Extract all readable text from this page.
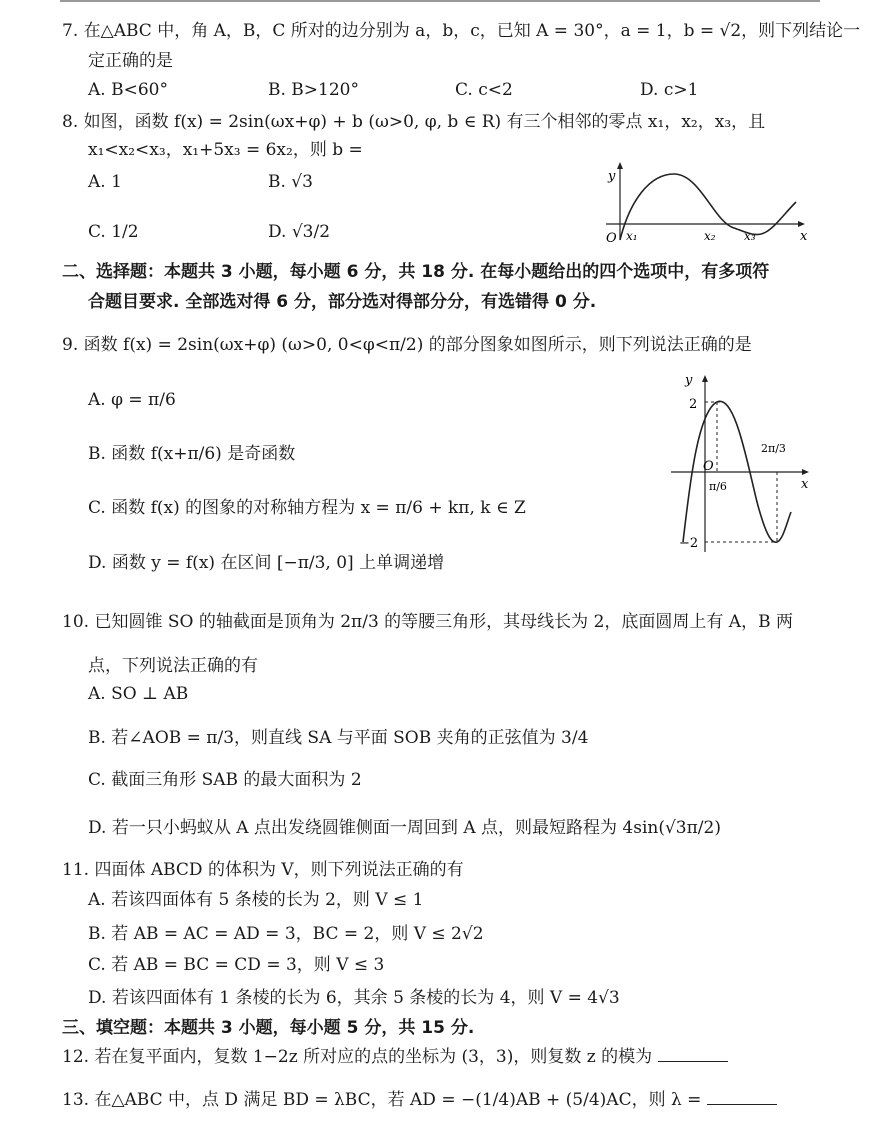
7. 在△ABC 中，角 A，B，C 所对的边分别为 a，b，c，已知 A = 30°，a = 1，b = √2，则下列结论一
定正确的是
A. B<60°	B. B>120°	C. c<2	D. c>1
8. 如图，函数 f(x) = 2sin(ωx+φ) + b (ω>0, φ, b ∈ R) 有三个相邻的零点 x₁，x₂，x₃，且
x₁<x₂<x₃，x₁+5x₃ = 6x₂，则 b =
A. 1	B. √3
C. 1/2	D. √3/2
y
x
O x₁	x₂ x₃
二、选择题：本题共 3 小题，每小题 6 分，共 18 分. 在每小题给出的四个选项中，有多项符
合题目要求. 全部选对得 6 分，部分选对得部分分，有选错得 0 分.
9. 函数 f(x) = 2sin(ωx+φ) (ω>0, 0<φ<π/2) 的部分图象如图所示，则下列说法正确的是
A. φ = π/6
B. 函数 f(x+π/6) 是奇函数
C. 函数 f(x) 的图象的对称轴方程为 x = π/6 + kπ, k ∈ Z
D. 函数 y = f(x) 在区间 [−π/3, 0] 上单调递增
y
x
O
2
−2
π/6
2π/3
10. 已知圆锥 SO 的轴截面是顶角为 2π/3 的等腰三角形，其母线长为 2，底面圆周上有 A，B 两
点，下列说法正确的有
A. SO ⊥ AB
B. 若∠AOB = π/3，则直线 SA 与平面 SOB 夹角的正弦值为 3/4
C. 截面三角形 SAB 的最大面积为 2
D. 若一只小蚂蚁从 A 点出发绕圆锥侧面一周回到 A 点，则最短路程为 4sin(√3π/2)
11. 四面体 ABCD 的体积为 V，则下列说法正确的有
A. 若该四面体有 5 条棱的长为 2，则 V ≤ 1
B. 若 AB = AC = AD = 3，BC = 2，则 V ≤ 2√2
C. 若 AB = BC = CD = 3，则 V ≤ 3
D. 若该四面体有 1 条棱的长为 6，其余 5 条棱的长为 4，则 V = 4√3
三、填空题：本题共 3 小题，每小题 5 分，共 15 分.
12. 若在复平面内，复数 1−2z 所对应的点的坐标为 (3，3)，则复数 z 的模为
13. 在△ABC 中，点 D 满足 BD = λBC，若 AD = −(1/4)AB + (5/4)AC，则 λ =
